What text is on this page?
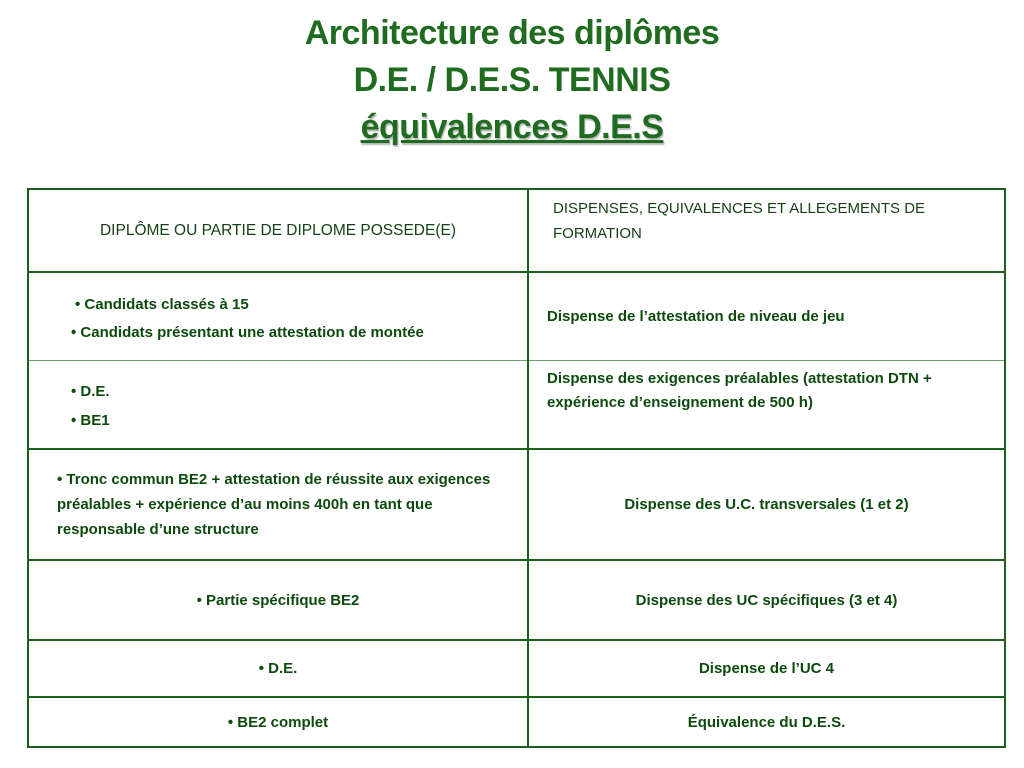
Architecture des diplômes
D.E. / D.E.S. TENNIS
équivalences D.E.S
DIPLÔME OU PARTIE DE DIPLOME POSSEDE(E)	DISPENSES, EQUIVALENCES ET ALLEGEMENTS DE FORMATION

• Candidats classés à 15
• Candidats présentant une attestation de montée	Dispense de l’attestation de niveau de jeu

• D.E.
• BE1	Dispense des exigences préalables (attestation DTN + expérience d’enseignement de 500 h)
• Tronc commun BE2 + attestation de réussite aux exigences préalables + expérience d’au moins 400h en tant que responsable d’une structure	Dispense des U.C. transversales (1 et 2)
• Partie spécifique BE2	Dispense des UC spécifiques (3 et 4)
• D.E.	Dispense de l’UC 4
• BE2 complet	Équivalence du D.E.S.
